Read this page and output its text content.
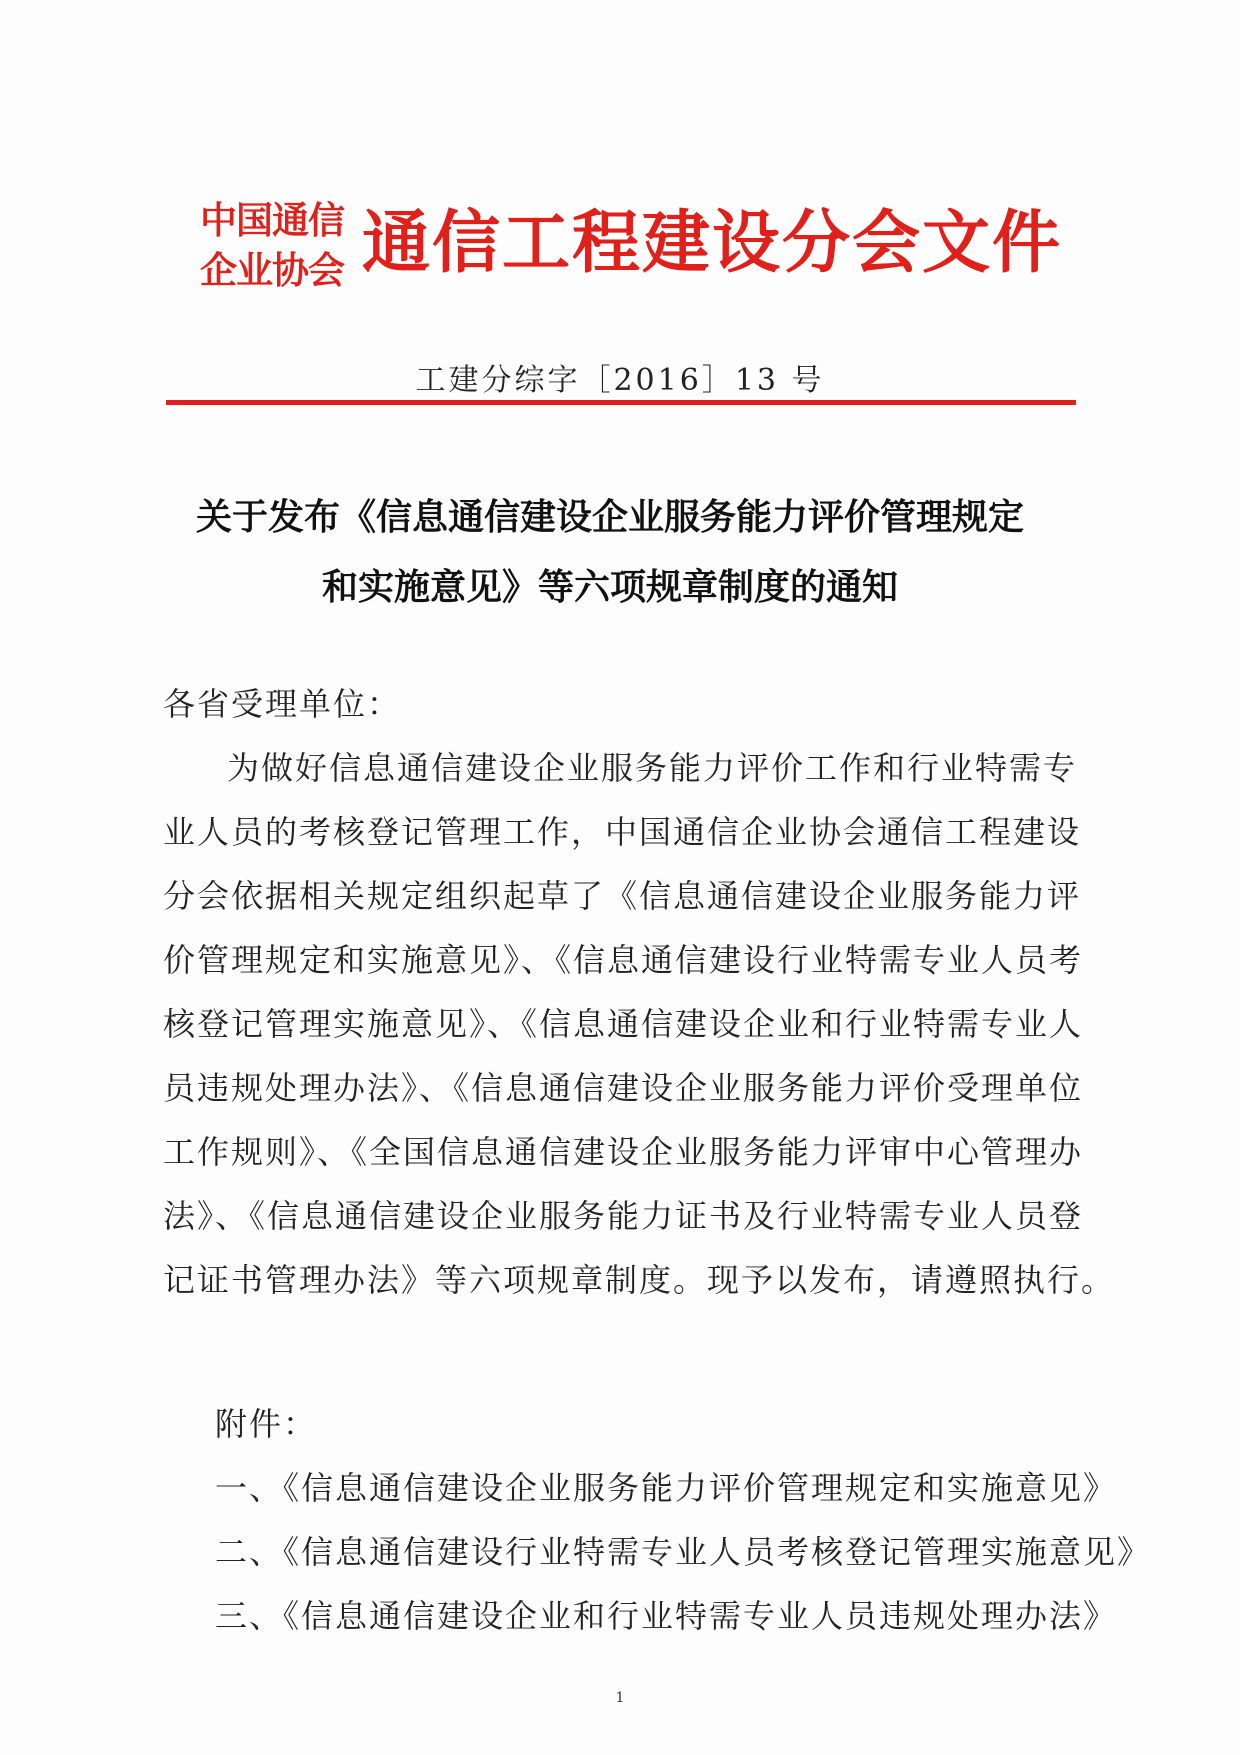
中国通信
企业协会 通信工程建设分会文件
工建分综字［2016］13 号
关于发布《信息通信建设企业服务能力评价管理规定
和实施意见》等六项规章制度的通知
各省受理单位：
为做好信息通信建设企业服务能力评价工作和行业特需专
业人员的考核登记管理工作，中国通信企业协会通信工程建设
分会依据相关规定组织起草了《信息通信建设企业服务能力评
价管理规定和实施意见》、《信息通信建设行业特需专业人员考
核登记管理实施意见》、《信息通信建设企业和行业特需专业人
员违规处理办法》、《信息通信建设企业服务能力评价受理单位
工作规则》、《全国信息通信建设企业服务能力评审中心管理办
法》、《信息通信建设企业服务能力证书及行业特需专业人员登
记证书管理办法》等六项规章制度。现予以发布，请遵照执行。
附件：
一、《信息通信建设企业服务能力评价管理规定和实施意见》
二、《信息通信建设行业特需专业人员考核登记管理实施意见》
三、《信息通信建设企业和行业特需专业人员违规处理办法》
1
